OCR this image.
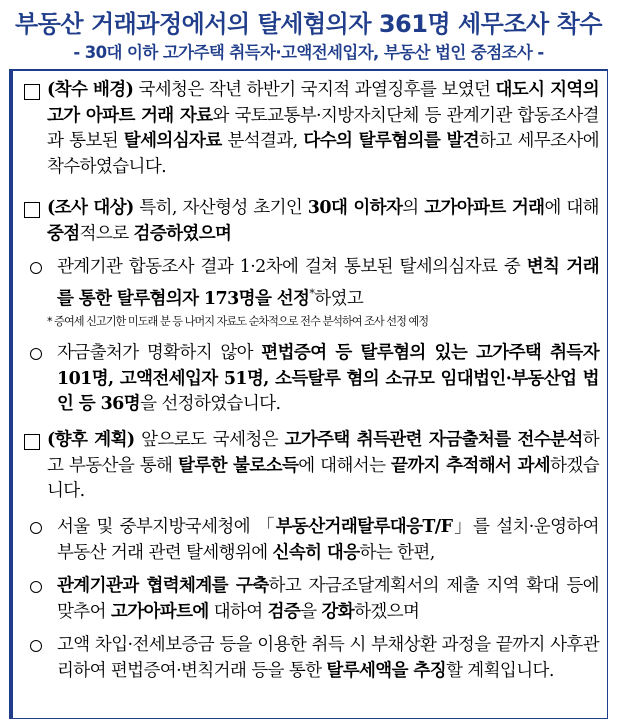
부동산 거래과정에서의 탈세혐의자 361명 세무조사 착수
- 30대 이하 고가주택 취득자·고액전세입자, 부동산 법인 중점조사 -
(착수 배경) 국세청은 작년 하반기 국지적 과열징후를 보였던 대도시 지역의 고가 아파트 거래 자료와 국토교통부·지방자치단체 등 관계기관 합동조사결과 통보된 탈세의심자료 분석결과, 다수의 탈루혐의를 발견하고 세무조사에 착수하였습니다.
(조사 대상) 특히, 자산형성 초기인 30대 이하자의 고가아파트 거래에 대해 중점적으로 검증하였으며
관계기관 합동조사 결과 1·2차에 걸쳐 통보된 탈세의심자료 중 변칙 거래를 통한 탈루혐의자 173명을 선정*하였고
* 증여세 신고기한 미도래 분 등 나머지 자료도 순차적으로 전수 분석하여 조사 선정 예정
자금출처가 명확하지 않아 편법증여 등 탈루혐의 있는 고가주택 취득자 101명, 고액전세입자 51명, 소득탈루 혐의 소규모 임대법인·부동산업 법인 등 36명을 선정하였습니다.
(향후 계획) 앞으로도 국세청은 고가주택 취득관련 자금출처를 전수분석하고 부동산을 통해 탈루한 불로소득에 대해서는 끝까지 추적해서 과세하겠습니다.
서울 및 중부지방국세청에 「부동산거래탈루대응T/F」를 설치·운영하여 부동산 거래 관련 탈세행위에 신속히 대응하는 한편,
관계기관과 협력체계를 구축하고 자금조달계획서의 제출 지역 확대 등에 맞추어 고가아파트에 대하여 검증을 강화하겠으며
고액 차입·전세보증금 등을 이용한 취득 시 부채상환 과정을 끝까지 사후관리하여 편법증여·변칙거래 등을 통한 탈루세액을 추징할 계획입니다.
